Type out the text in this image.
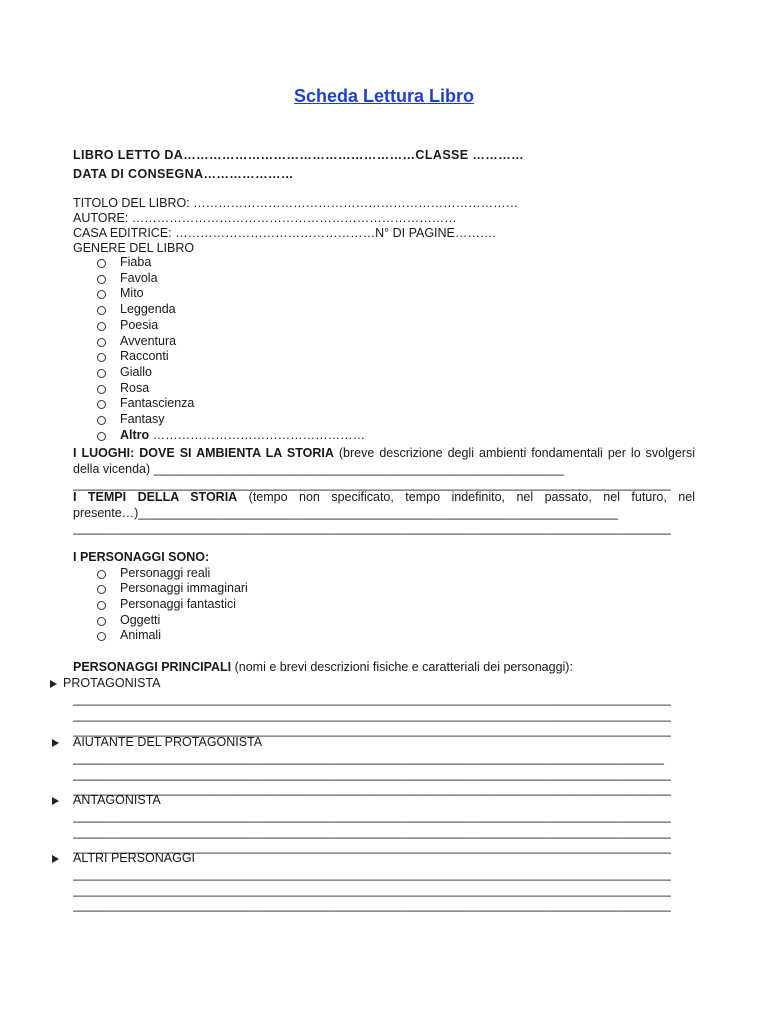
Scheda Lettura Libro
LIBRO LETTO DA………………………………………………CLASSE …………
DATA DI CONSEGNA…………………
TITOLO DEL LIBRO: ……………………………………………………………………
AUTORE: ……………………………………………………………………
CASA EDITRICE: …………………………………………N° DI PAGINE……….
GENERE DEL LIBRO
Fiaba
Favola
Mito
Leggenda
Poesia
Avventura
Racconti
Giallo
Rosa
Fantascienza
Fantasy
Altro ……………………………………………
I LUOGHI: DOVE SI AMBIENTA LA STORIA (breve descrizione degli ambienti fondamentali per lo svolgersi della vicenda) ___________________________________________________________
______________________________________________________________________________________
I TEMPI DELLA STORIA (tempo non specificato, tempo indefinito, nel passato, nel futuro, nel presente…)_____________________________________________________________________
______________________________________________________________________________________
I PERSONAGGI SONO:
Personaggi reali
Personaggi immaginari
Personaggi fantastici
Oggetti
Animali
PERSONAGGI PRINCIPALI (nomi e brevi descrizioni fisiche e caratteriali dei personaggi):
PROTAGONISTA
______________________________________________________________________________________
______________________________________________________________________________________
______________________________________________________________________________________
AIUTANTE DEL PROTAGONISTA
_____________________________________________________________________________________
______________________________________________________________________________________
______________________________________________________________________________________
ANTAGONISTA
______________________________________________________________________________________
______________________________________________________________________________________
______________________________________________________________________________________
ALTRI PERSONAGGI
______________________________________________________________________________________
______________________________________________________________________________________
______________________________________________________________________________________
